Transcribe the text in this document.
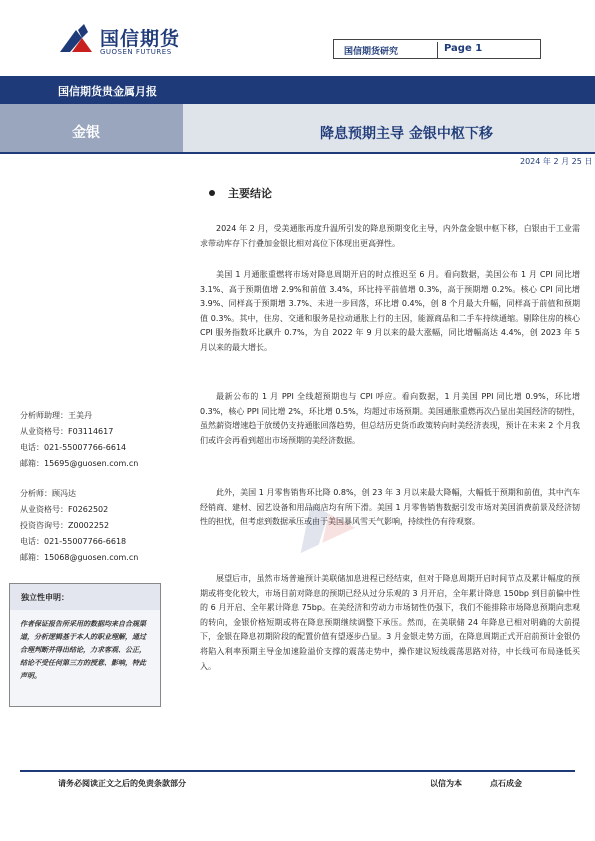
国信期货
GUOSEN FUTURES	国信期货研究	Page 1
国信期货贵金属月报
金银	降息预期主导 金银中枢下移
2024 年 2 月 25 日
主要结论

2024 年 2 月，受美通胀再度升温所引发的降息预期变化主导，内外盘金银中枢下移，白银由于工业需求带动库存下行叠加金银比相对高位下体现出更高弹性。

美国 1 月通胀重燃将市场对降息周期开启的时点推迟至 6 月。看向数据，美国公布 1 月 CPI 同比增 3.1%、高于预期值增 2.9%和前值 3.4%，环比持平前值增 0.3%，高于预期增 0.2%。核心 CPI 同比增 3.9%、同样高于预期增 3.7%、未进一步回落，环比增 0.4%，创 8 个月最大升幅，同样高于前值和预期值 0.3%。其中，住房、交通和服务是拉动通胀上行的主因，能源商品和二手车持续通缩。剔除住房的核心 CPI 服务指数环比飙升 0.7%，为自 2022 年 9 月以来的最大涨幅，同比增幅高达 4.4%，创 2023 年 5 月以来的最大增长。

最新公布的 1 月 PPI 全线超预期也与 CPI 呼应。看向数据，1 月美国 PPI 同比增 0.9%，环比增 0.3%，核心 PPI 同比增 2%，环比增 0.5%，均超过市场预期。美国通胀重燃再次凸显出美国经济的韧性，虽然薪资增速趋于放缓仍支持通胀回落趋势，但总结历史货币政策转向时美经济表现，预计在未来 2 个月我们或许会再看到超出市场预期的美经济数据。

此外，美国 1 月零售销售环比降 0.8%，创 23 年 3 月以来最大降幅，大幅低于预期和前值，其中汽车经销商、建材、园艺设备和用品商店均有所下滑。美国 1 月零售销售数据引发市场对美国消费前景及经济韧性的担忧，但考虑到数据承压或由于美国暴风雪天气影响，持续性仍有待观察。

展望后市，虽然市场普遍预计美联储加息进程已经结束，但对于降息周期开启时间节点及累计幅度的预期或将变化较大，市场目前对降息的预期已经从过分乐观的 3 月开启，全年累计降息 150bp 到目前偏中性的 6 月开启、全年累计降息 75bp。在美经济和劳动力市场韧性仍强下，我们不能排除市场降息预期向悲观的转向，金银价格短期或将在降息预期继续调整下承压。然而，在美联储 24 年降息已相对明确的大前提下，金银在降息初期阶段的配置价值有望逐步凸显。3 月金银走势方面，在降息周期正式开启前预计金银仍将陷入利率预期主导金加速险溢价支撑的震荡走势中，操作建议短线震荡思路对待，中长线可布局逢低买入。

分析师助理：王美丹
从业资格号：F03114617
电话：021-55007766-6614
邮箱：15695@guosen.com.cn
分析师：顾冯达
从业资格号：F0262502
投资咨询号：Z0002252
电话：021-55007766-6618
邮箱：15068@guosen.com.cn
独立性申明：
作者保证报告所采用的数据均来自合规渠道，分析逻辑基于本人的职业理解，通过合理判断并得出结论，力求客观、公正，结论不受任何第三方的授意、影响，特此声明。
请务必阅读正文之后的免责条款部分	以信为本	点石成金
